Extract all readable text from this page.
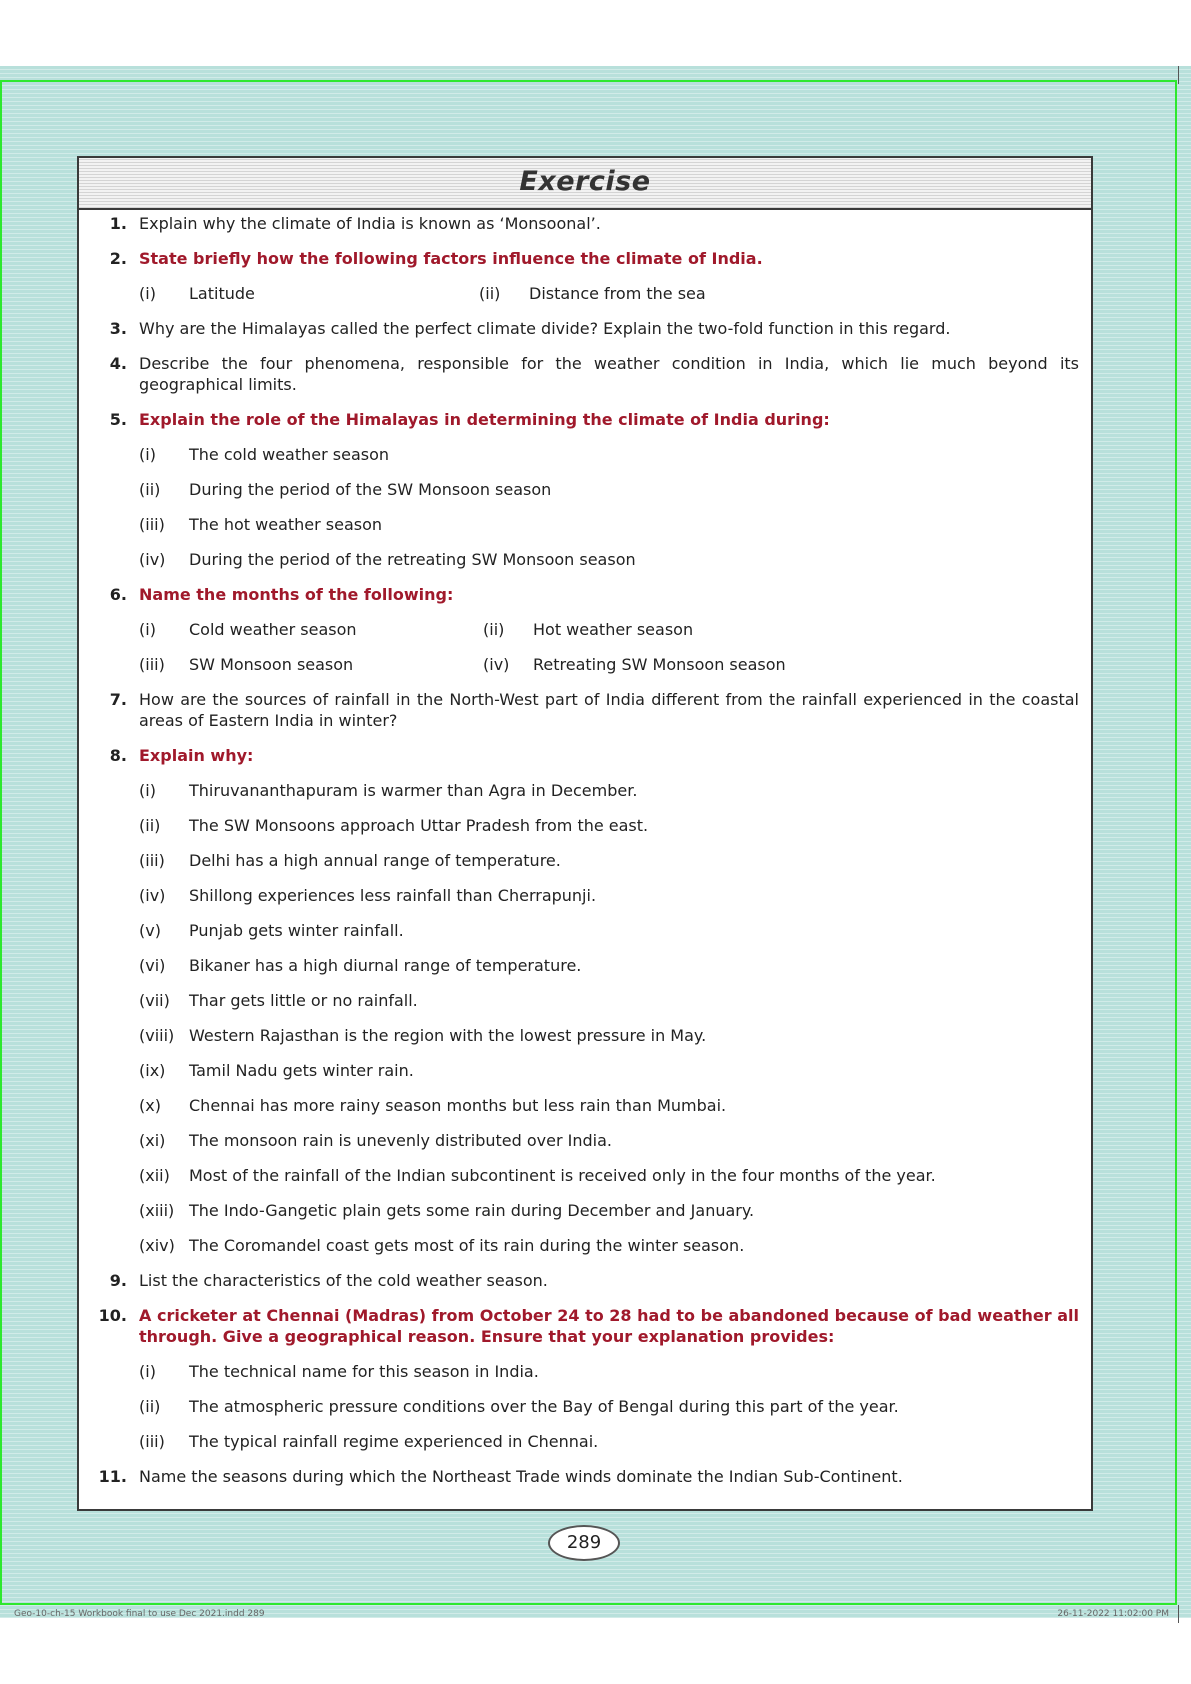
Exercise
1. Explain why the climate of India is known as ‘Monsoonal’.
2. State briefly how the following factors influence the climate of India.
(i)	Latitude	(ii)	Distance from the sea
3. Why are the Himalayas called the perfect climate divide? Explain the two-fold function in this regard.
4. Describe the four phenomena, responsible for the weather condition in India, which lie much beyond its geographical limits.
5. Explain the role of the Himalayas in determining the climate of India during:
(i)	The cold weather season
(ii)	During the period of the SW Monsoon season
(iii)	The hot weather season
(iv)	During the period of the retreating SW Monsoon season
6. Name the months of the following:
(i)	Cold weather season	(ii)	Hot weather season
(iii)	SW Monsoon season	(iv)	Retreating SW Monsoon season
7. How are the sources of rainfall in the North-West part of India different from the rainfall experienced in the coastal areas of Eastern India in winter?
8. Explain why:
(i)	Thiruvananthapuram is warmer than Agra in December.
(ii)	The SW Monsoons approach Uttar Pradesh from the east.
(iii)	Delhi has a high annual range of temperature.
(iv)	Shillong experiences less rainfall than Cherrapunji.
(v)	Punjab gets winter rainfall.
(vi)	Bikaner has a high diurnal range of temperature.
(vii)	Thar gets little or no rainfall.
(viii) Western Rajasthan is the region with the lowest pressure in May.
(ix)	Tamil Nadu gets winter rain.
(x)	Chennai has more rainy season months but less rain than Mumbai.
(xi)	The monsoon rain is unevenly distributed over India.
(xii)	Most of the rainfall of the Indian subcontinent is received only in the four months of the year.
(xiii) The Indo-Gangetic plain gets some rain during December and January.
(xiv) The Coromandel coast gets most of its rain during the winter season.
9. List the characteristics of the cold weather season.
10. A cricketer at Chennai (Madras) from October 24 to 28 had to be abandoned because of bad weather all through. Give a geographical reason. Ensure that your explanation provides:
(i)	The technical name for this season in India.
(ii)	The atmospheric pressure conditions over the Bay of Bengal during this part of the year.
(iii)	The typical rainfall regime experienced in Chennai.
11. Name the seasons during which the Northeast Trade winds dominate the Indian Sub-Continent.
289
Geo-10-ch-15 Workbook final to use Dec 2021.indd 289	26-11-2022 11:02:00 PM
